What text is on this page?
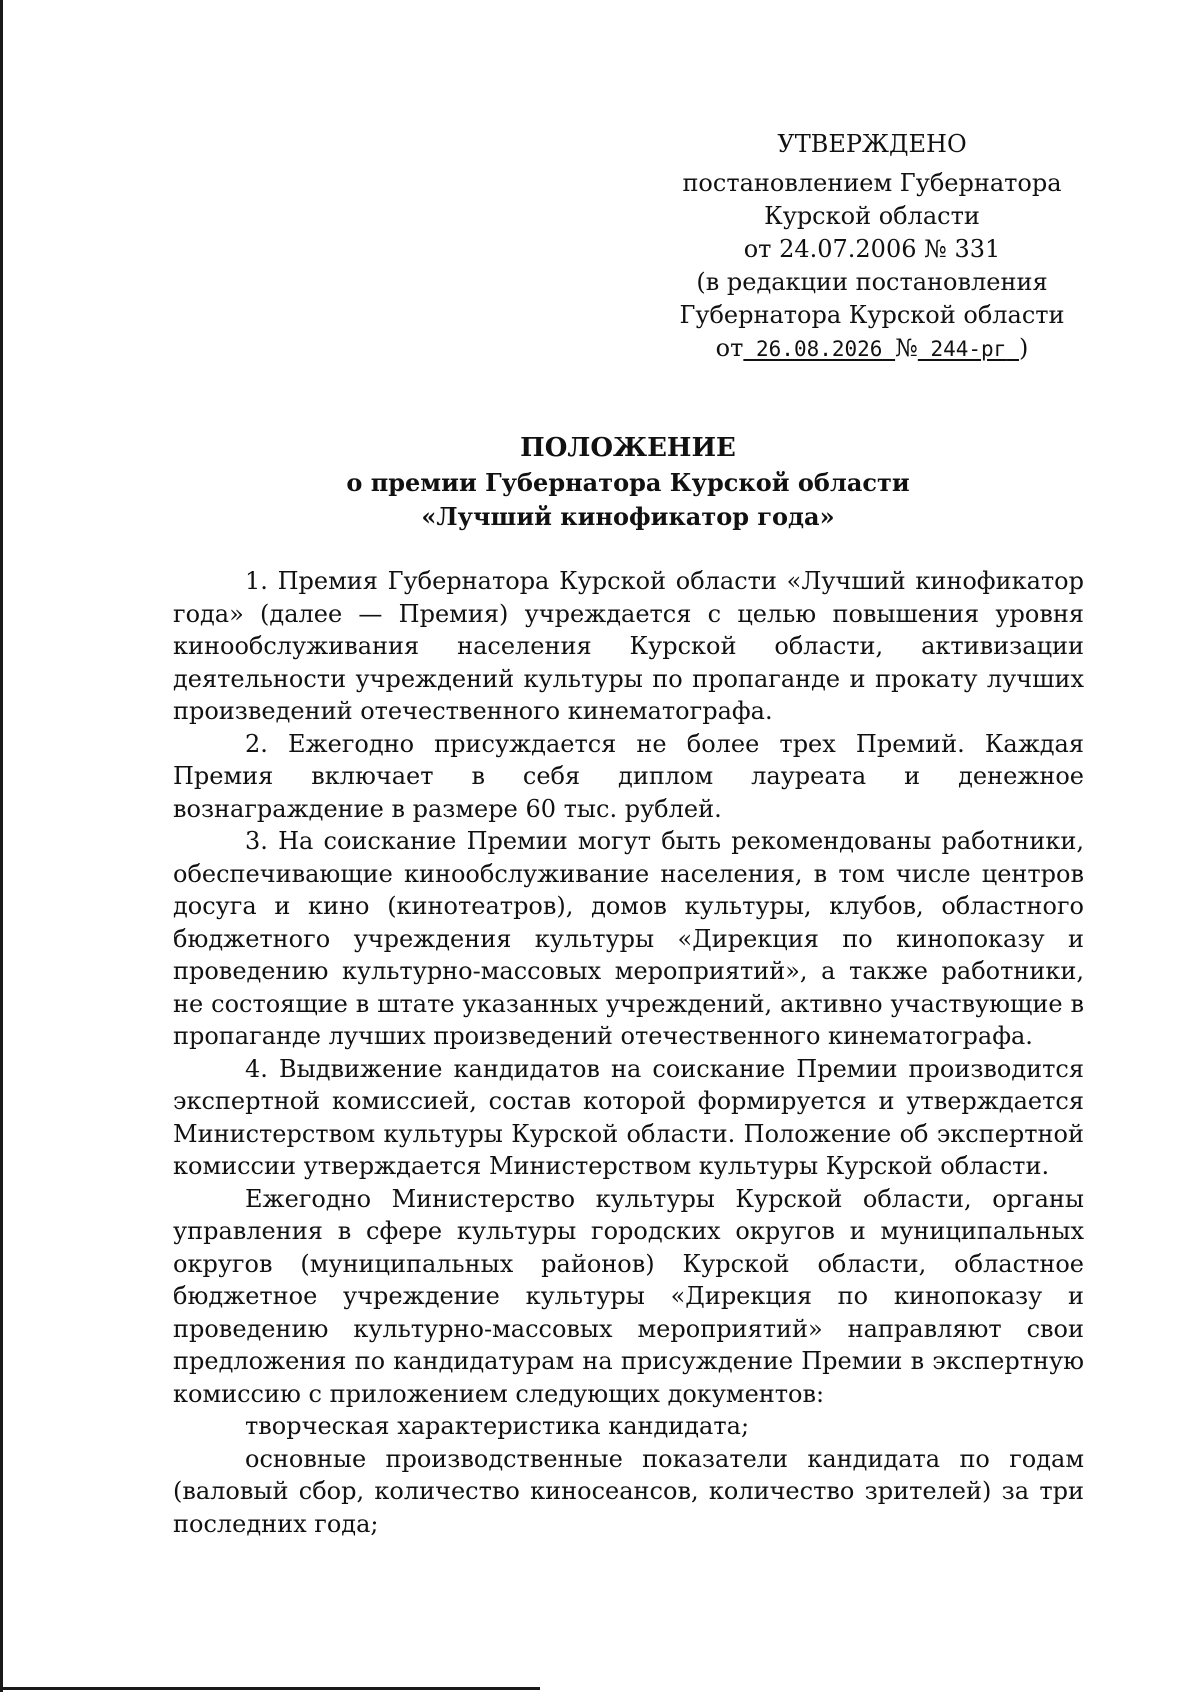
УТВЕРЖДЕНО
постановлением Губернатора
Курской области
от 24.07.2006 № 331
(в редакции постановления
Губернатора Курской области
от 26.08.2026 № 244-рг )
ПОЛОЖЕНИЕ
о премии Губернатора Курской области
«Лучший кинофикатор года»

1. Премия Губернатора Курской области «Лучший кинофикатор года» (далее — Премия) учреждается с целью повышения уровня кинообслуживания населения Курской области, активизации деятельности учреждений культуры по пропаганде и прокату лучших произведений отечественного кинематографа.

2. Ежегодно присуждается не более трех Премий. Каждая Премия включает в себя диплом лауреата и денежное вознаграждение в размере 60 тыс. рублей.

3. На соискание Премии могут быть рекомендованы работники, обеспечивающие кинообслуживание населения, в том числе центров досуга и кино (кинотеатров), домов культуры, клубов, областного бюджетного учреждения культуры «Дирекция по кинопоказу и проведению культурно-массовых мероприятий», а также работники, не состоящие в штате указанных учреждений, активно участвующие в пропаганде лучших произведений отечественного кинематографа.

4. Выдвижение кандидатов на соискание Премии производится экспертной комиссией, состав которой формируется и утверждается Министерством культуры Курской области. Положение об экспертной комиссии утверждается Министерством культуры Курской области.

Ежегодно Министерство культуры Курской области, органы управления в сфере культуры городских округов и муниципальных округов (муниципальных районов) Курской области, областное бюджетное учреждение культуры «Дирекция по кинопоказу и проведению культурно-массовых мероприятий» направляют свои предложения по кандидатурам на присуждение Премии в экспертную комиссию с приложением следующих документов:

творческая характеристика кандидата;

основные производственные показатели кандидата по годам (валовый сбор, количество киносеансов, количество зрителей) за три последних года;
